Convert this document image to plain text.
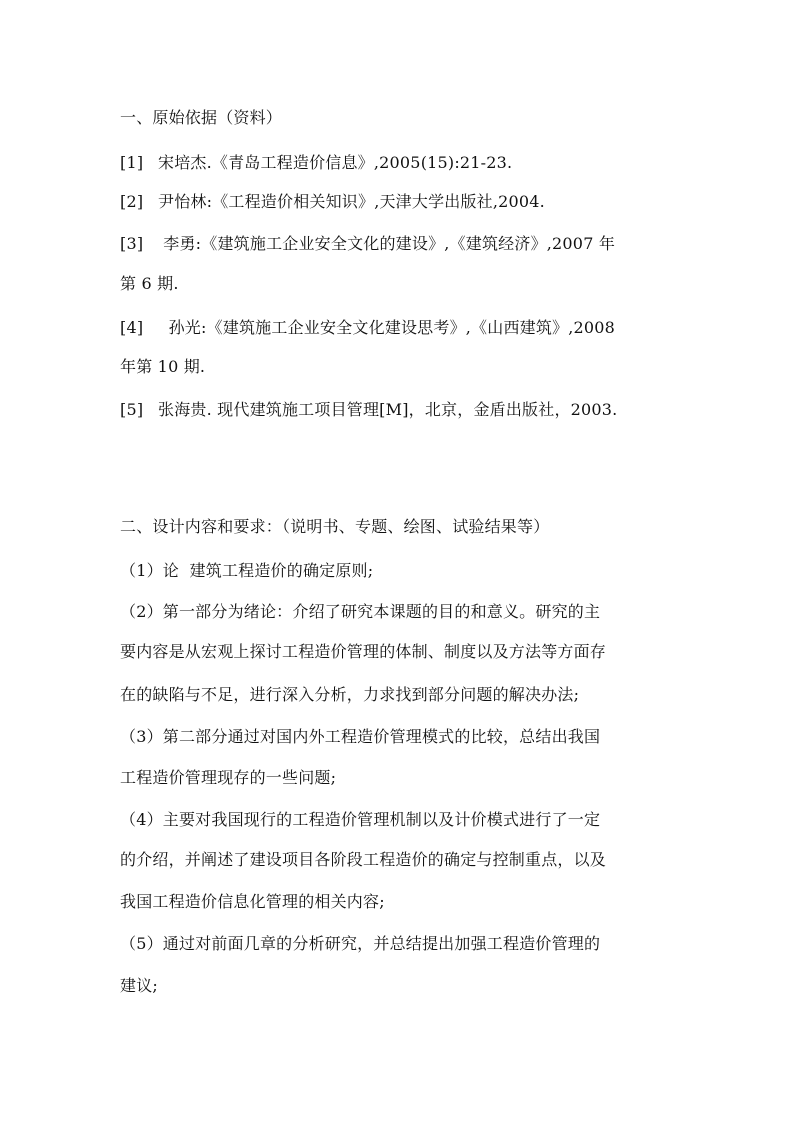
一、原始依据（资料）
[1] 宋培杰.《青岛工程造价信息》,2005(15):21-23.
[2] 尹怡林:《工程造价相关知识》,天津大学出版社,2004.
[3] 李勇:《建筑施工企业安全文化的建设》,《建筑经济》,2007 年
第 6 期.
[4]  孙光:《建筑施工企业安全文化建设思考》,《山西建筑》,2008
年第 10 期.
[5] 张海贵. 现代建筑施工项目管理[M]，北京，金盾出版社，2003.
二、设计内容和要求：（说明书、专题、绘图、试验结果等）
（1）论  建筑工程造价的确定原则;
（2）第一部分为绪论：介绍了研究本课题的目的和意义。研究的主
要内容是从宏观上探讨工程造价管理的体制、制度以及方法等方面存
在的缺陷与不足，进行深入分析，力求找到部分问题的解决办法;
（3）第二部分通过对国内外工程造价管理模式的比较，总结出我国
工程造价管理现存的一些问题;
（4）主要对我国现行的工程造价管理机制以及计价模式进行了一定
的介绍，并阐述了建设项目各阶段工程造价的确定与控制重点，以及
我国工程造价信息化管理的相关内容;
（5）通过对前面几章的分析研究，并总结提出加强工程造价管理的
建议;
